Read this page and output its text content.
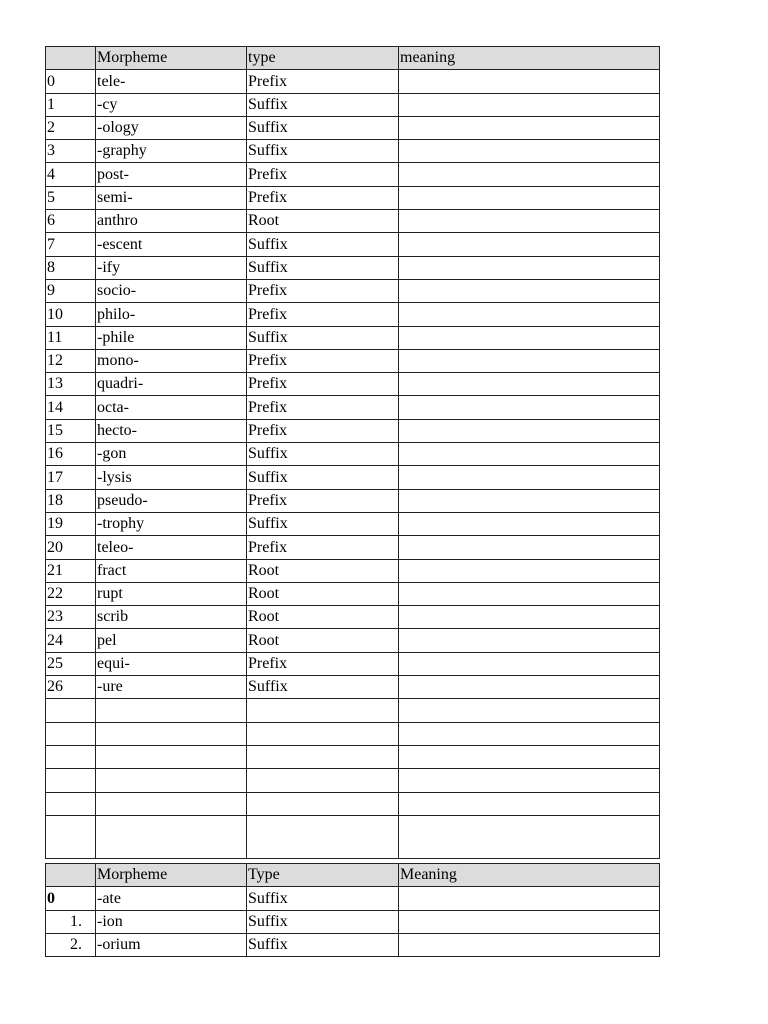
	Morpheme	type	meaning
0	tele-	Prefix	
1	-cy	Suffix	
2	-ology	Suffix	
3	-graphy	Suffix	
4	post-	Prefix	
5	semi-	Prefix	
6	anthro	Root	
7	-escent	Suffix	
8	-ify	Suffix	
9	socio-	Prefix	
10	philo-	Prefix	
11	-phile	Suffix	
12	mono-	Prefix	
13	quadri-	Prefix	
14	octa-	Prefix	
15	hecto-	Prefix	
16	-gon	Suffix	
17	-lysis	Suffix	
18	pseudo-	Prefix	
19	-trophy	Suffix	
20	teleo-	Prefix	
21	fract	Root	
22	rupt	Root	
23	scrib	Root	
24	pel	Root	
25	equi-	Prefix	
26	-ure	Suffix	

	Morpheme	Type	Meaning
0	-ate	Suffix	
1.	-ion	Suffix	
2.	-orium	Suffix	
